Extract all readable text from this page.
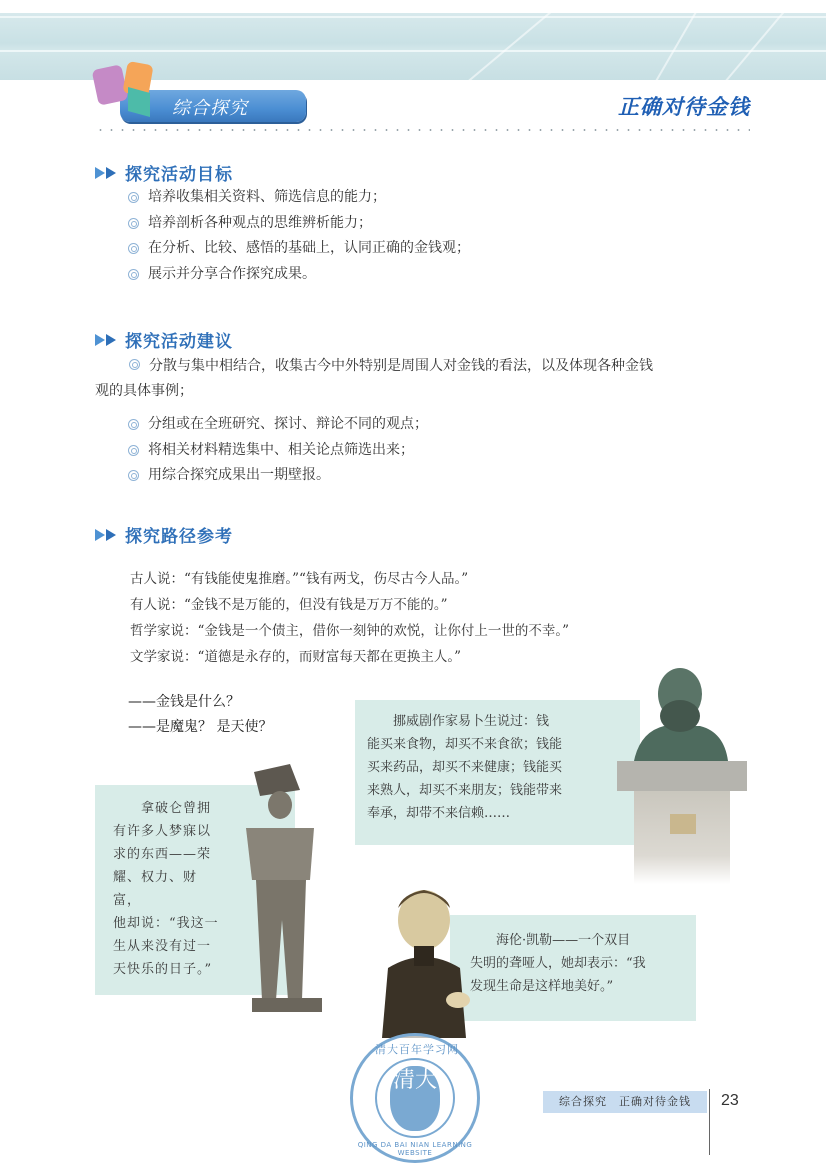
综合探究	正确对待金钱
探究活动目标
培养收集相关资料、筛选信息的能力；
培养剖析各种观点的思维辨析能力；
在分析、比较、感悟的基础上，认同正确的金钱观；
展示并分享合作探究成果。
探究活动建议
分散与集中相结合，收集古今中外特别是周围人对金钱的看法，以及体现各种金钱
观的具体事例；
分组或在全班研究、探讨、辩论不同的观点；
将相关材料精选集中、相关论点筛选出来；
用综合探究成果出一期壁报。
探究路径参考
古人说：“有钱能使鬼推磨。”“钱有两戈，伤尽古今人品。”
有人说：“金钱不是万能的，但没有钱是万万不能的。”
哲学家说：“金钱是一个债主，借你一刻钟的欢悦，让你付上一世的不幸。”
文学家说：“道德是永存的，而财富每天都在更换主人。”
——金钱是什么？
——是魔鬼？ 是天使？	　　挪威剧作家易卜生说过：钱
能买来食物，却买不来食欲；钱能
买来药品，却买不来健康；钱能买
来熟人，却买不来朋友；钱能带来
奉承，却带不来信赖……
　　拿破仑曾拥
有许多人梦寐以
求的东西——荣
耀、权力、财富，
他却说：“我这一
生从来没有过一
天快乐的日子。”
　　海伦·凯勒——一个双目
失明的聋哑人，她却表示：“我
发现生命是这样地美好。”
清大百年学习网
清大
QING DA BAI NIAN LEARNING WEBSITE
综合探究　正确对待金钱	23
